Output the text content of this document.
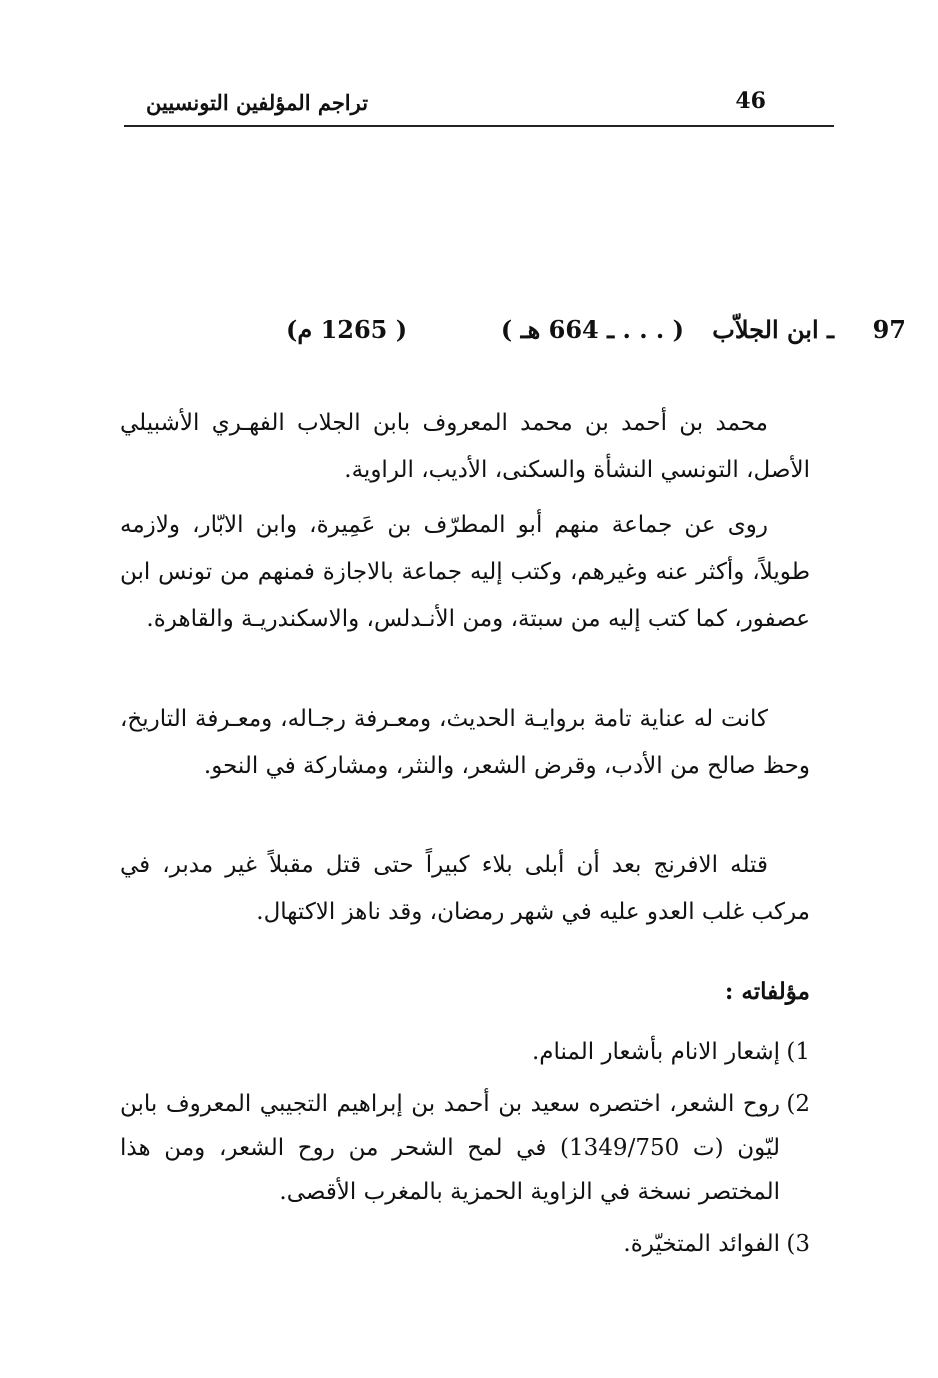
تراجم المؤلفين التونسيين	46
97
ـ ابن الجلاّب
( . . . ـ 664 هـ )
( 1265 م)

محمد بن أحمد بن محمد المعروف بابن الجلاب الفهـري الأشبيلي الأصل، التونسي النشأة والسكنى، الأديب، الراوية.

روى عن جماعة منهم أبو المطرّف بن عَمِيرة، وابن الابّار، ولازمه طويلاً، وأكثر عنه وغيرهم، وكتب إليه جماعة بالاجازة فمنهم من تونس ابن عصفور، كما كتب إليه من سبتة، ومن الأنـدلس، والاسكندريـة والقاهرة.

كانت له عناية تامة بروايـة الحديث، ومعـرفة رجـاله، ومعـرفة التاريخ، وحظ صالح من الأدب، وقرض الشعر، والنثر، ومشاركة في النحو.

قتله الافرنج بعد أن أبلى بلاء كبيراً حتى قتل مقبلاً غير مدبر، في مركب غلب العدو عليه في شهر رمضان، وقد ناهز الاكتهال.

مؤلفاته :
1)
إشعار الانام بأشعار المنام.
2)
روح الشعر، اختصره سعيد بن أحمد بن إبراهيم التجيبي المعروف بابن ليّون (ت 1349/750) في لمح الشحر من روح الشعر، ومن هذا المختصر نسخة في الزاوية الحمزية بالمغرب الأقصى.
3)
الفوائد المتخيّرة.
